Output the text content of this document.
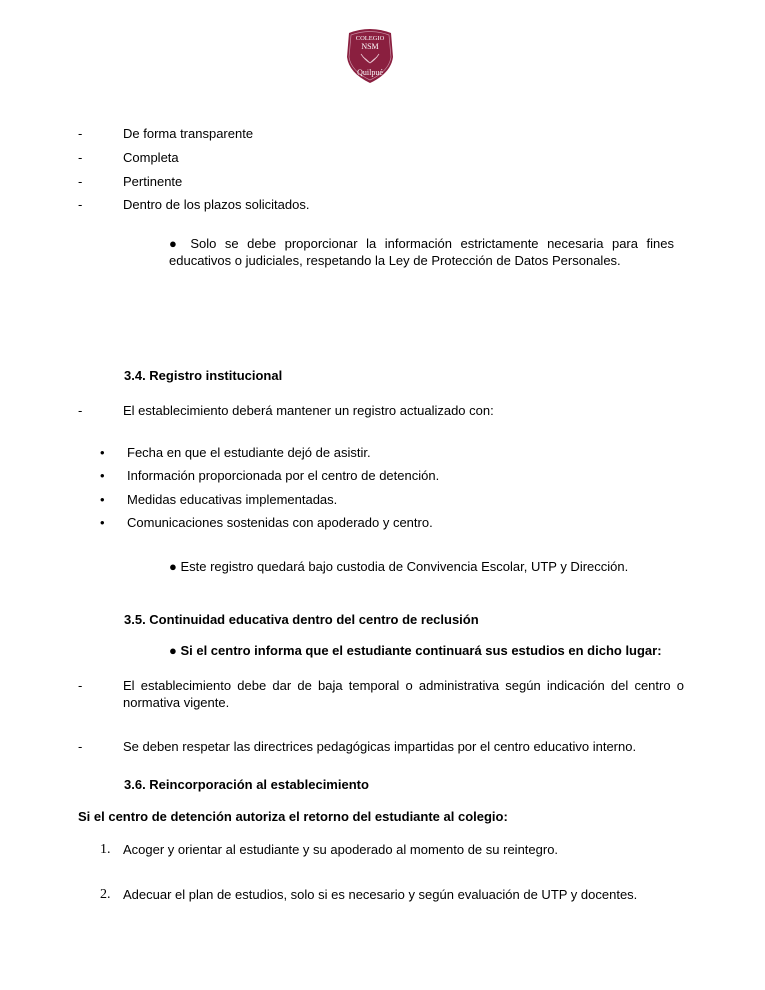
COLEGIO
NSM
Quilpué
-	De forma transparente
-	Completa
-	Pertinente
-	Dentro de los plazos solicitados.
● Solo se debe proporcionar la información estrictamente necesaria para fines educativos o judiciales, respetando la Ley de Protección de Datos Personales.
3.4. Registro institucional
-	El establecimiento deberá mantener un registro actualizado con:
• Fecha en que el estudiante dejó de asistir.
• Información proporcionada por el centro de detención.
• Medidas educativas implementadas.
• Comunicaciones sostenidas con apoderado y centro.
● Este registro quedará bajo custodia de Convivencia Escolar, UTP y Dirección.
3.5. Continuidad educativa dentro del centro de reclusión
● Si el centro informa que el estudiante continuará sus estudios en dicho lugar:
-	El establecimiento debe dar de baja temporal o administrativa según indicación del centro o normativa vigente.
-	Se deben respetar las directrices pedagógicas impartidas por el centro educativo interno.
3.6. Reincorporación al establecimiento
Si el centro de detención autoriza el retorno del estudiante al colegio:
1. Acoger y orientar al estudiante y su apoderado al momento de su reintegro.
2. Adecuar el plan de estudios, solo si es necesario y según evaluación de UTP y docentes.
